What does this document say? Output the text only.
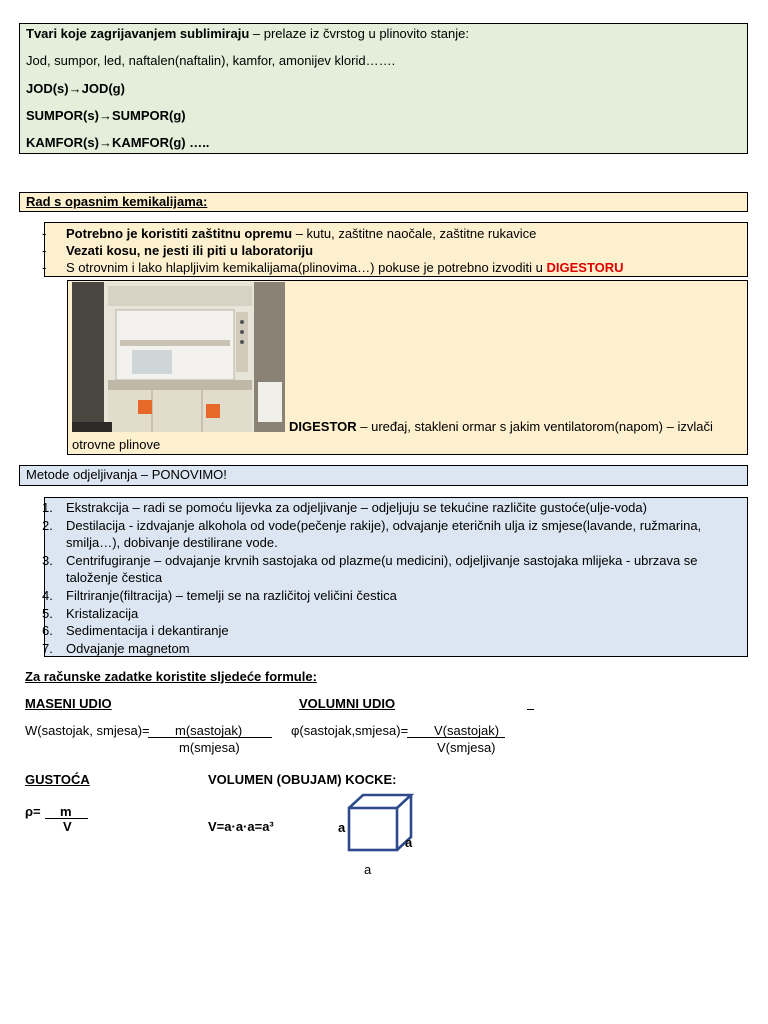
Tvari koje zagrijavanjem sublimiraju – prelaze iz čvrstog u plinovito stanje:
Jod, sumpor, led, naftalen(naftalin), kamfor, amonijev klorid…….
JOD(s)→JOD(g)
SUMPOR(s)→SUMPOR(g)
KAMFOR(s)→KAMFOR(g) …..
Rad s opasnim kemikalijama:
- Potrebno je koristiti zaštitnu opremu – kutu, zaštitne naočale, zaštitne rukavice
- Vezati kosu, ne jesti ili piti u laboratoriju
- S otrovnim i lako hlapljivim kemikalijama(plinovima…) pokuse je potrebno izvoditi u DIGESTORU
DIGESTOR – uređaj, stakleni ormar s jakim ventilatorom(napom) – izvlači
otrovne plinove
Metode odjeljivanja – PONOVIMO!
1. Ekstrakcija – radi se pomoću lijevka za odjeljivanje – odjeljuju se tekućine različite gustoće(ulje-voda)
2. Destilacija - izdvajanje alkohola od vode(pečenje rakije), odvajanje eteričnih ulja iz smjese(lavande, ružmarina,
smilja…), dobivanje destilirane vode.
3. Centrifugiranje – odvajanje krvnih sastojaka od plazme(u medicini), odjeljivanje sastojaka mlijeka - ubrzava se
taloženje čestica
4. Filtriranje(filtracija) – temelji se na različitoj veličini čestica
5. Kristalizacija
6. Sedimentacija i dekantiranje
7. Odvajanje magnetom
Za računske zadatke koristite sljedeće formule:
MASENI UDIO	VOLUMNI UDIO
W(sastojak, smjesa)= m(sastojak)
m(smjesa)
φ(sastojak,smjesa)= V(sastojak)
V(smjesa)
GUSTOĆA	VOLUMEN (OBUJAM) KOCKE:
ρ= m
V	V=a·a·a=a³	a
a
a
